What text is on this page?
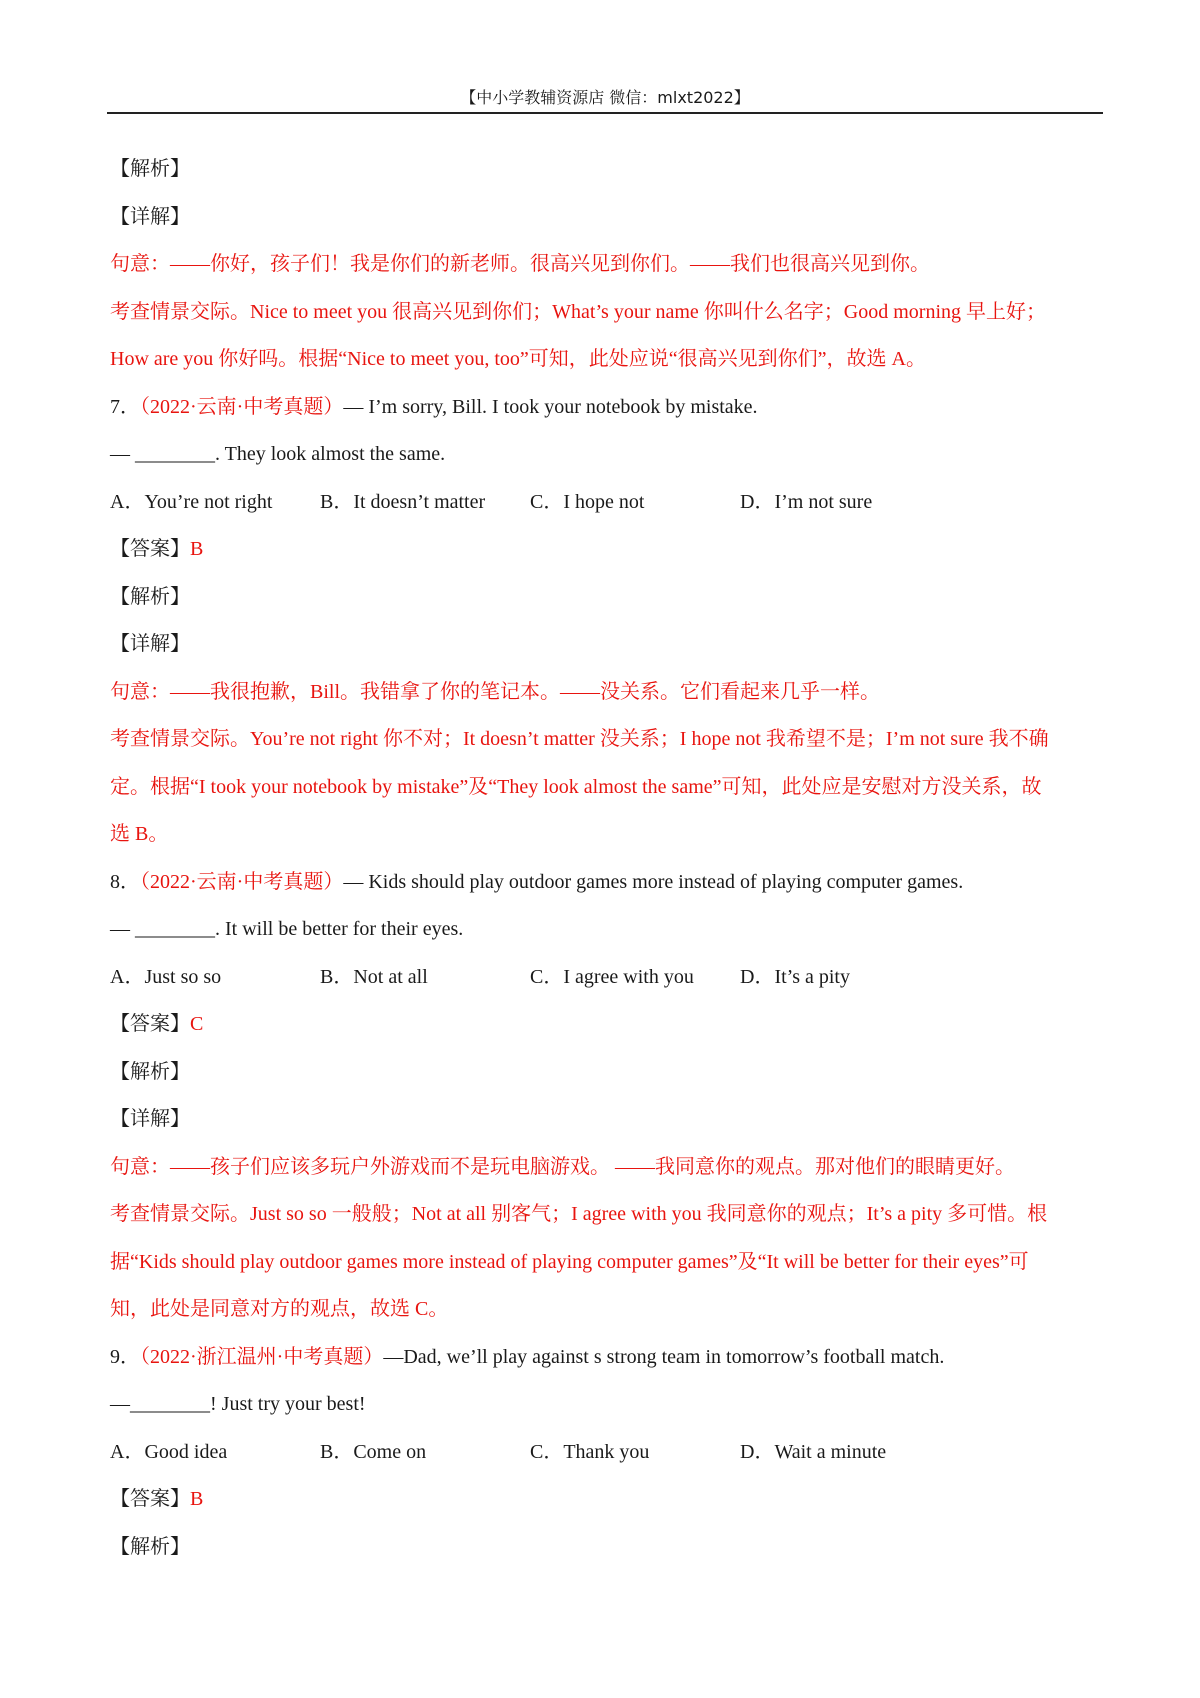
【中小学教辅资源店 微信：mlxt2022】
【解析】
【详解】
句意：——你好，孩子们！我是你们的新老师。很高兴见到你们。——我们也很高兴见到你。
考查情景交际。Nice to meet you 很高兴见到你们；What’s your name 你叫什么名字；Good morning 早上好；
How are you 你好吗。根据“Nice to meet you, too”可知，此处应说“很高兴见到你们”，故选 A。
7．（2022·云南·中考真题）— I’m sorry, Bill. I took your notebook by mistake.
— ________. They look almost the same.
A．You’re not right B．It doesn’t matter C．I hope not	D．I’m not sure
【答案】B
【解析】
【详解】
句意：——我很抱歉，Bill。我错拿了你的笔记本。——没关系。它们看起来几乎一样。
考查情景交际。You’re not right 你不对；It doesn’t matter 没关系；I hope not 我希望不是；I’m not sure 我不确
定。根据“I took your notebook by mistake”及“They look almost the same”可知，此处应是安慰对方没关系，故
选 B。
8．（2022·云南·中考真题）— Kids should play outdoor games more instead of playing computer games.
— ________. It will be better for their eyes.
A．Just so so	B．Not at all	C．I agree with you D．It’s a pity
【答案】C
【解析】
【详解】
句意：——孩子们应该多玩户外游戏而不是玩电脑游戏。 ——我同意你的观点。那对他们的眼睛更好。
考查情景交际。Just so so 一般般；Not at all 别客气；I agree with you 我同意你的观点；It’s a pity 多可惜。根
据“Kids should play outdoor games more instead of playing computer games”及“It will be better for their eyes”可
知，此处是同意对方的观点，故选 C。
9．（2022·浙江温州·中考真题）—Dad, we’ll play against s strong team in tomorrow’s football match.
—________! Just try your best!
A．Good idea	B．Come on	C．Thank you	D．Wait a minute
【答案】B
【解析】
